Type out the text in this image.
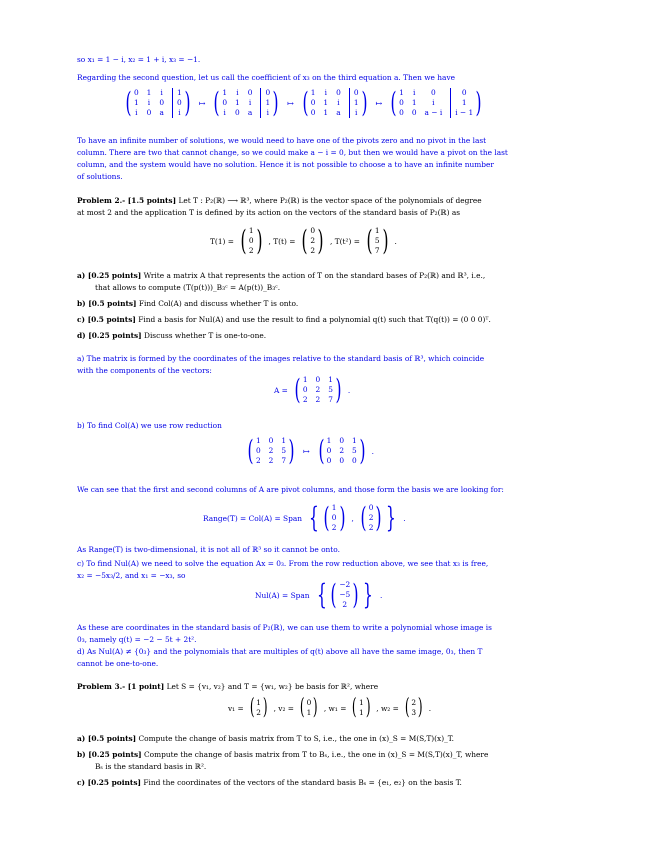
so x₁ = 1 − i, x₂ = 1 + i, x₃ = −1.
Regarding the second question, let us call the coefficient of x₃ on the third equation a. Then we have
( 0 1 i	1
1 i 0	0
i 0 a	i ) ↦ ( 1 i 0	0
0 1 i	1
i 0 a	i ) ↦ ( 1 i 0	0
0 1 i	1
0 1 a	i ) ↦ ( 1 i	0	0
0 1	i	1
0 0 a − i	i − 1 )
To have an infinite number of solutions, we would need to have one of the pivots zero and no pivot in the last
column. There are two that cannot change, so we could make a − i = 0, but then we would have a pivot on the last
column, and the system would have no solution. Hence it is not possible to choose a to have an infinite number
of solutions.
Problem 2.- [1.5 points] Let T : P₂(ℝ) ⟶ ℝ³, where P₂(ℝ) is the vector space of the polynomials of degree
at most 2 and the application T is defined by its action on the vectors of the standard basis of P₂(ℝ) as
T(1) = ( 1
0
2 ) , T(t) = ( 0
2
2 ) , T(t²) = ( 1
5
7 ) .
a) [0.25 points] Write a matrix A that represents the action of T on the standard bases of P₂(ℝ) and ℝ³, i.e.,
that allows to compute (T(p(t)))_B₃ᶜ = A(p(t))_B₃ᶜ.
b) [0.5 points] Find Col(A) and discuss whether T is onto.
c) [0.5 points] Find a basis for Nul(A) and use the result to find a polynomial q(t) such that T(q(t)) = (0 0 0)ᵀ.
d) [0.25 points] Discuss whether T is one-to-one.
a) The matrix is formed by the coordinates of the images relative to the standard basis of ℝ³, which coincide
with the components of the vectors:
A = ( 1 0 1
0 2 5
2 2 7 ) .
b) To find Col(A) we use row reduction
( 1 0 1
0 2 5
2 2 7 ) ↦ ( 1 0 1
0 2 5
0 0 0 ) .
We can see that the first and second columns of A are pivot columns, and those form the basis we are looking for:
Range(T) = Col(A) = Span { ( 1
0
2 ) , ( 0
2
2 ) } .
As Range(T) is two-dimensional, it is not all of ℝ³ so it cannot be onto.
c) To find Nul(A) we need to solve the equation Ax = 0₃. From the row reduction above, we see that x₃ is free,
x₂ = −5x₃/2, and x₁ = −x₃, so
Nul(A) = Span { ( −2
−5
2 ) } .
As these are coordinates in the standard basis of P₂(ℝ), we can use them to write a polynomial whose image is
0₃, namely q(t) = −2 − 5t + 2t².
d) As Nul(A) ≠ {0₃} and the polynomials that are multiples of q(t) above all have the same image, 0₃, then T
cannot be one-to-one.
Problem 3.- [1 point] Let S = {v₁, v₂} and T = {w₁, w₂} be basis for ℝ², where
v₁ = ( 1
2 ) , v₂ = ( 0
1 ) , w₁ = ( 1
1 ) , w₂ = ( 2
3 ) .
a) [0.5 points] Compute the change of basis matrix from T to S, i.e., the one in (x)_S = M(S,T)(x)_T.
b) [0.25 points] Compute the change of basis matrix from T to Bₛ, i.e., the one in (x)_S = M(S,T)(x)_T, where
Bₛ is the standard basis in ℝ².
c) [0.25 points] Find the coordinates of the vectors of the standard basis Bₛ = {e₁, e₂} on the basis T.
